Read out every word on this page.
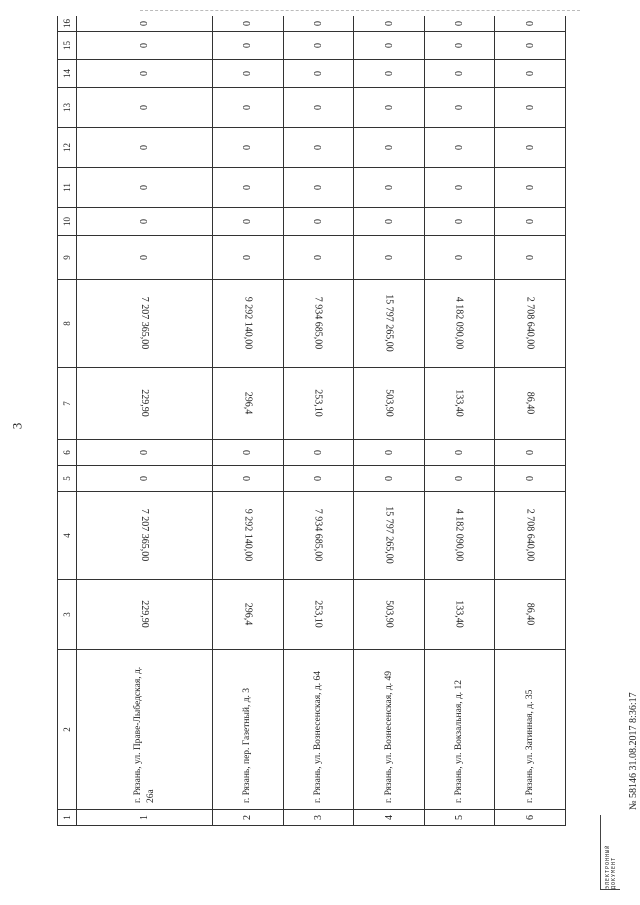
3
1	2	3	4	5	6	7	8	9	10	11	12	13	14	15	16
1	г. Рязань, ул. Праве-Лыбедская, д. 26а	229,90	7 207 365,00	0	0	229,90	7 207 365,00	0	0	0	0	0	0	0	0
2	г. Рязань, пер. Газетный, д. 3	296,4	9 292 140,00	0	0	296,4	9 292 140,00	0	0	0	0	0	0	0	0
3	г. Рязань, ул. Вознесенская, д. 64	253,10	7 934 685,00	0	0	253,10	7 934 685,00	0	0	0	0	0	0	0	0
4	г. Рязань, ул. Вознесенская, д. 49	503,90	15 797 265,00	0	0	503,90	15 797 265,00	0	0	0	0	0	0	0	0
5	г. Рязань, ул. Вокзальная, д. 12	133,40	4 182 090,00	0	0	133,40	4 182 090,00	0	0	0	0	0	0	0	0
6	г. Рязань, ул. Затинная, д. 35	86,40	2 708 640,00	0	0	86,40	2 708 640,00	0	0	0	0	0	0	0	0
№ 58146 31.08.2017 8:36:17
ЭЛЕКТРОННЫЙ ДОКУМЕНТ
